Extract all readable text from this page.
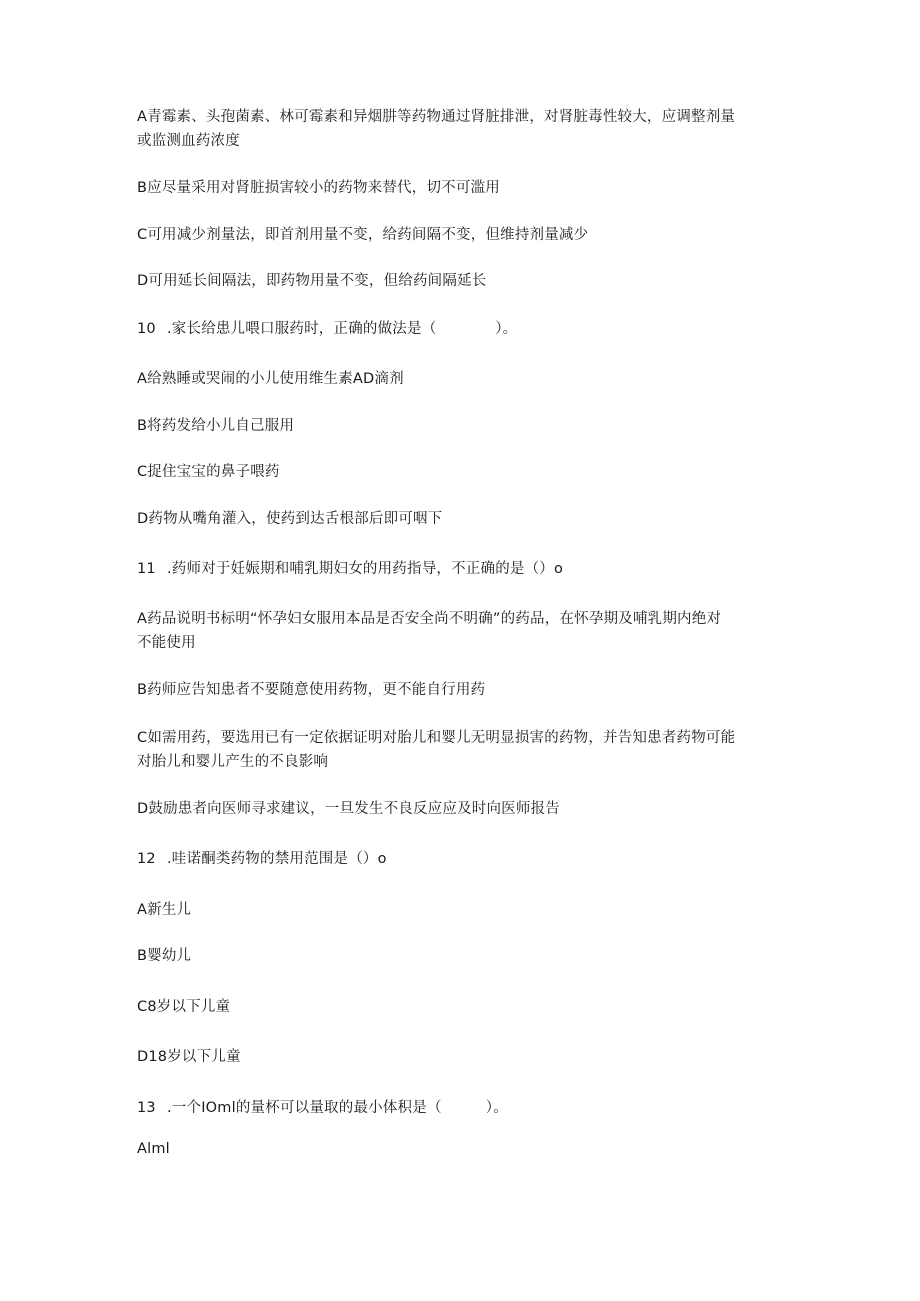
A青霉素、头孢菌素、林可霉素和异烟肼等药物通过肾脏排泄，对肾脏毒性较大，应调整剂量
或监测血药浓度
B应尽量采用对肾脏损害较小的药物来替代，切不可滥用
C可用减少剂量法，即首剂用量不变，给药间隔不变，但维持剂量减少
D可用延长间隔法，即药物用量不变，但给药间隔延长
10 .家长给患儿喂口服药时，正确的做法是（　　　　）。
A给熟睡或哭闹的小儿使用维生素AD滴剂
B将药发给小儿自己服用
C捉住宝宝的鼻子喂药
D药物从嘴角灌入，使药到达舌根部后即可咽下
11 .药师对于妊娠期和哺乳期妇女的用药指导，不正确的是（）o
A药品说明书标明“怀孕妇女服用本品是否安全尚不明确”的药品，在怀孕期及哺乳期内绝对
不能使用
B药师应告知患者不要随意使用药物，更不能自行用药
C如需用药，要选用已有一定依据证明对胎儿和婴儿无明显损害的药物，并告知患者药物可能
对胎儿和婴儿产生的不良影响
D鼓励患者向医师寻求建议，一旦发生不良反应应及时向医师报告
12 .哇诺酮类药物的禁用范围是（）o
A新生儿
B婴幼儿
C8岁以下儿童
D18岁以下儿童
13 .一个IOml的量杯可以量取的最小体积是（　　　）。
Alml
